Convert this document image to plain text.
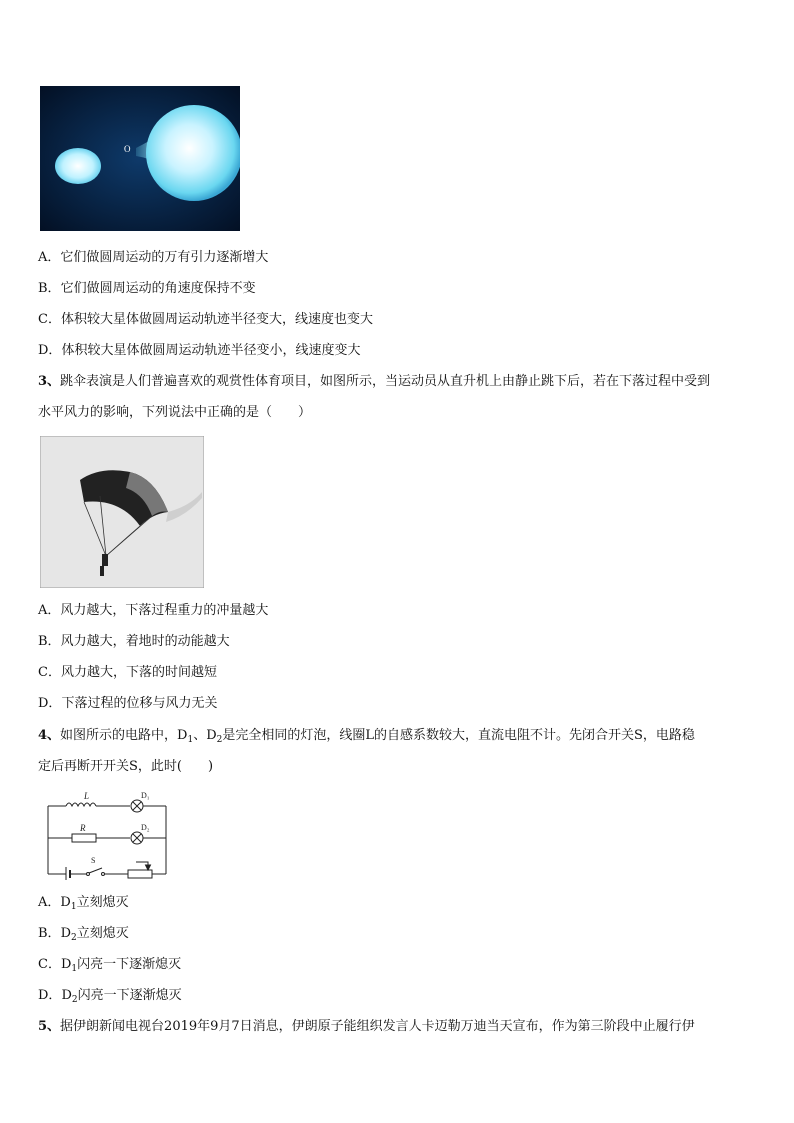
O
A．它们做圆周运动的万有引力逐渐增大
B．它们做圆周运动的角速度保持不变
C．体积较大星体做圆周运动轨迹半径变大，线速度也变大
D．体积较大星体做圆周运动轨迹半径变小，线速度变大
3、跳伞表演是人们普遍喜欢的观赏性体育项目，如图所示，当运动员从直升机上由静止跳下后，若在下落过程中受到
水平风力的影响，下列说法中正确的是（　　）
A．风力越大，下落过程重力的冲量越大
B．风力越大，着地时的动能越大
C．风力越大，下落的时间越短
D．下落过程的位移与风力无关
4、如图所示的电路中，$D_1$、$D_2$是完全相同的灯泡，线圈L的自感系数较大，直流电阻不计。先闭合开关S，电路稳
定后再断开开关S，此时(　　)
L	D₁
R	D₂
S
A．$D_1$立刻熄灭
B．$D_2$立刻熄灭
C．$D_1$闪亮一下逐渐熄灭
D．$D_2$闪亮一下逐渐熄灭
5、据伊朗新闻电视台2019年9月7日消息，伊朗原子能组织发言人卡迈勒万迪当天宣布，作为第三阶段中止履行伊
